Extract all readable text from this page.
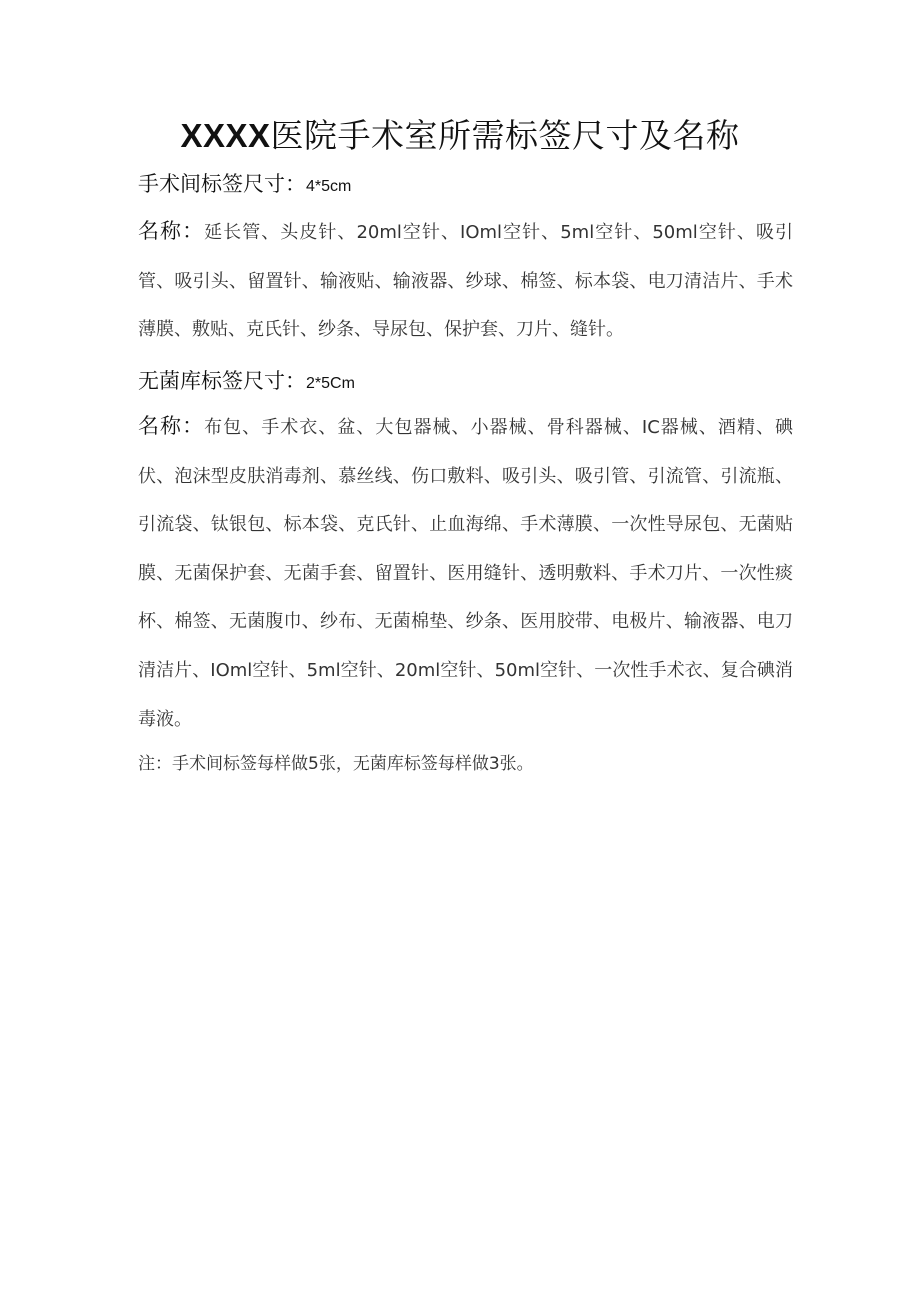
XXXX医院手术室所需标签尺寸及名称
手术间标签尺寸：4*5cm
名称：延长管、头皮针、20ml空针、IOml空针、5ml空针、50ml空针、吸引管、吸引头、留置针、输液贴、输液器、纱球、棉签、标本袋、电刀清洁片、手术薄膜、敷贴、克氏针、纱条、导尿包、保护套、刀片、缝针。
无菌库标签尺寸：2*5Cm
名称：布包、手术衣、盆、大包器械、小器械、骨科器械、IC器械、酒精、碘伏、泡沫型皮肤消毒剂、慕丝线、伤口敷料、吸引头、吸引管、引流管、引流瓶、引流袋、钛银包、标本袋、克氏针、止血海绵、手术薄膜、一次性导尿包、无菌贴膜、无菌保护套、无菌手套、留置针、医用缝针、透明敷料、手术刀片、一次性痰杯、棉签、无菌腹巾、纱布、无菌棉垫、纱条、医用胶带、电极片、输液器、电刀清洁片、IOml空针、5ml空针、20ml空针、50ml空针、一次性手术衣、复合碘消毒液。
注：手术间标签每样做5张，无菌库标签每样做3张。
